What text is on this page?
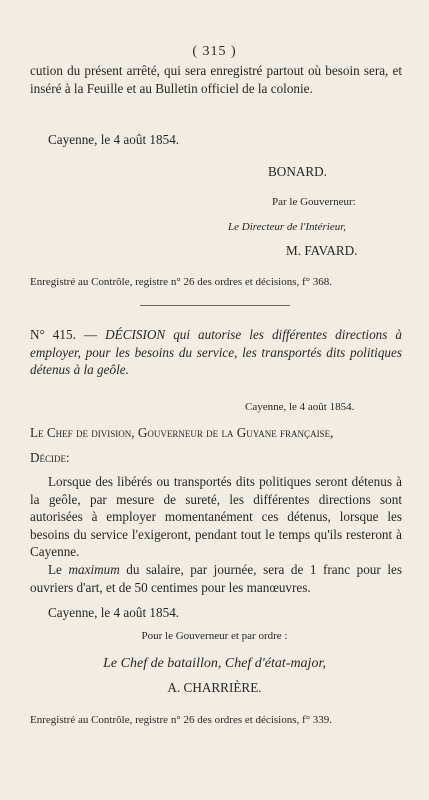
( 315 )
cution du présent arrêté, qui sera enregistré partout où besoin sera, et inséré à la Feuille et au Bulletin officiel de la colonie.
Cayenne, le 4 août 1854.
BONARD.
Par le Gouverneur:
Le Directeur de l'Intérieur,
M. FAVARD.
Enregistré au Contrôle, registre n° 26 des ordres et décisions, f° 368.
N° 415. — DÉCISION qui autorise les différentes directions à employer, pour les besoins du service, les transportés dits politiques détenus à la geôle.
Cayenne, le 4 août 1854.
Le Chef de division, Gouverneur de la Guyane française,
Décide:
Lorsque des libérés ou transportés dits politiques seront détenus à la geôle, par mesure de sureté, les différentes directions sont autorisées à employer momentanément ces détenus, lorsque les besoins du service l'exigeront, pendant tout le temps qu'ils resteront à Cayenne.
Le maximum du salaire, par journée, sera de 1 franc pour les ouvriers d'art, et de 50 centimes pour les manœuvres.
Cayenne, le 4 août 1854.
Pour le Gouverneur et par ordre :
Le Chef de bataillon, Chef d'état-major,
A. CHARRIÈRE.
Enregistré au Contrôle, registre n° 26 des ordres et décisions, f° 339.
